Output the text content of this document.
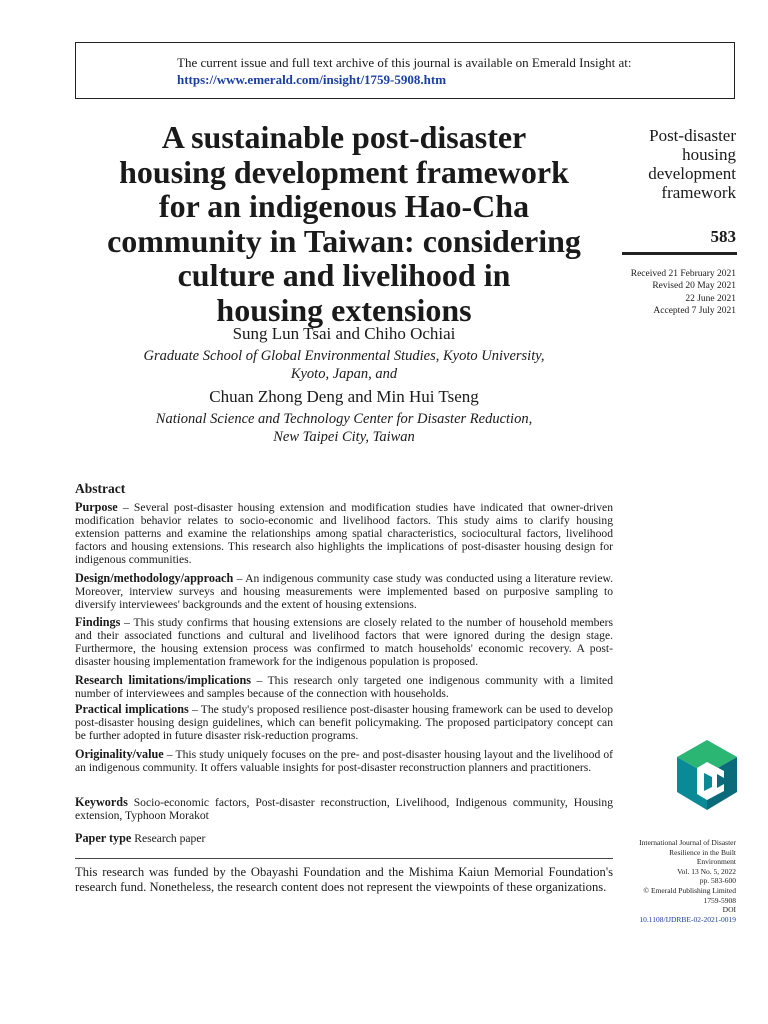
The current issue and full text archive of this journal is available on Emerald Insight at:
https://www.emerald.com/insight/1759-5908.htm
A sustainable post-disaster
housing development framework
for an indigenous Hao-Cha
community in Taiwan: considering
culture and livelihood in
housing extensions
Sung Lun Tsai and Chiho Ochiai
Graduate School of Global Environmental Studies, Kyoto University,
Kyoto, Japan, and
Chuan Zhong Deng and Min Hui Tseng
National Science and Technology Center for Disaster Reduction,
New Taipei City, Taiwan
Post-disaster
housing
development
framework
583
Received 21 February 2021
Revised 20 May 2021
22 June 2021
Accepted 7 July 2021
Abstract
Purpose – Several post-disaster housing extension and modification studies have indicated that owner-driven modification behavior relates to socio-economic and livelihood factors. This study aims to clarify housing extension patterns and examine the relationships among spatial characteristics, sociocultural factors, livelihood factors and housing extensions. This research also highlights the implications of post-disaster housing design for indigenous communities.
Design/methodology/approach – An indigenous community case study was conducted using a literature review. Moreover, interview surveys and housing measurements were implemented based on purposive sampling to diversify interviewees' backgrounds and the extent of housing extensions.
Findings – This study confirms that housing extensions are closely related to the number of household members and their associated functions and cultural and livelihood factors that were ignored during the design stage. Furthermore, the housing extension process was confirmed to match households' economic recovery. A post-disaster housing implementation framework for the indigenous population is proposed.
Research limitations/implications – This research only targeted one indigenous community with a limited number of interviewees and samples because of the connection with households.
Practical implications – The study's proposed resilience post-disaster housing framework can be used to develop post-disaster housing design guidelines, which can benefit policymaking. The proposed participatory concept can be further adopted in future disaster risk-reduction programs.
Originality/value – This study uniquely focuses on the pre- and post-disaster housing layout and the livelihood of an indigenous community. It offers valuable insights for post-disaster reconstruction planners and practitioners.
Keywords Socio-economic factors, Post-disaster reconstruction, Livelihood, Indigenous community, Housing extension, Typhoon Morakot
Paper type Research paper	International Journal of Disaster
Resilience in the Built
Environment
Vol. 13 No. 5, 2022
pp. 583-600
© Emerald Publishing Limited
1759-5908
DOI
10.1108/IJDRBE-02-2021-0019
This research was funded by the Obayashi Foundation and the Mishima Kaiun Memorial Foundation's research fund. Nonetheless, the research content does not represent the viewpoints of these organizations.
